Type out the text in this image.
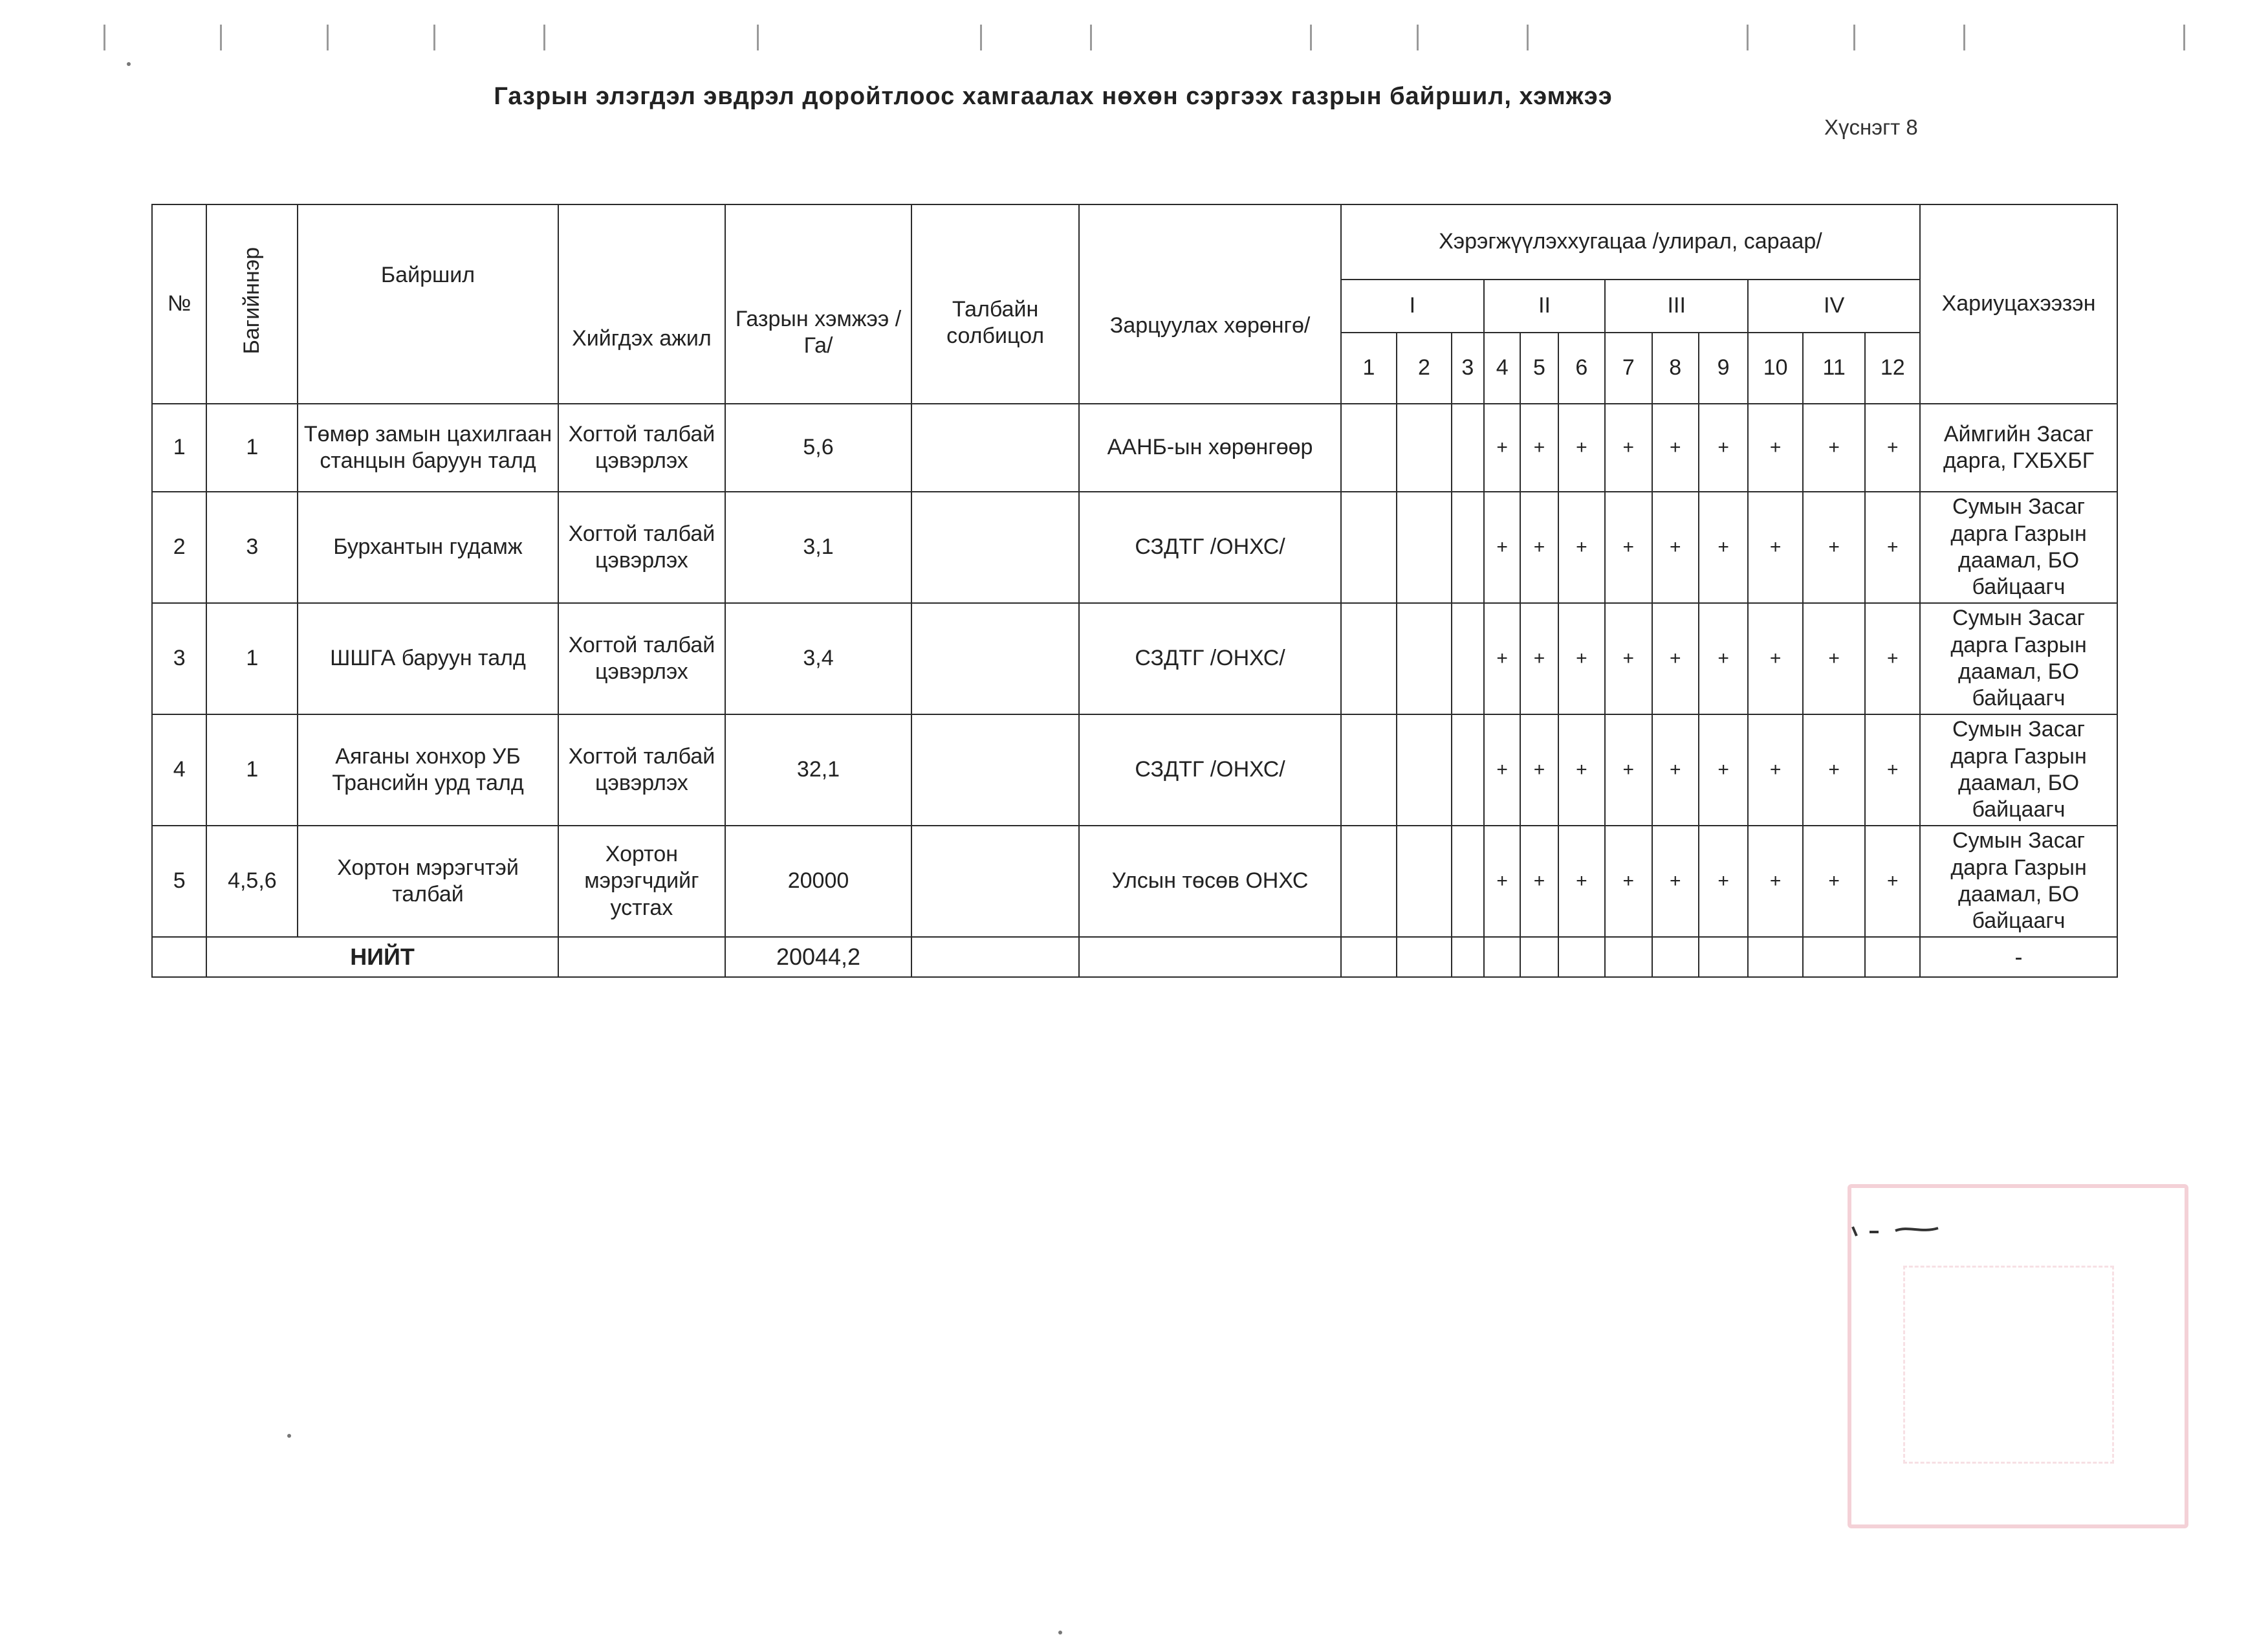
Газрын элэгдэл эвдрэл доройтлоос хамгаалах нөхөн сэргээх газрын байршил, хэмжээ
Хүснэгт 8
№	Багийннэр	Байршил	Хийгдэх ажил	Газрын хэмжээ /Га/	Талбайн солбицол	Зарцуулах хөрөнгө/	Хэрэгжүүлэххугацаа /улирал, сараар/												Хариуцахээзэн
							I			II			III			IV			
							1	2	3	4	5	6	7	8	9	10	11	12	
1	1	Төмөр замын цахилгаан станцын баруун талд	Хогтой талбай цэвэрлэх	5,6		ААНБ-ын хөрөнгөөр				+	+	+	+	+	+	+	+	+	Аймгийн Засаг дарга, ГХБХБГ
2	3	Бурхантын гудамж	Хогтой талбай цэвэрлэх	3,1		СЗДТГ /ОНХС/				+	+	+	+	+	+	+	+	+	Сумын Засаг дарга Газрын даамал, БО байцаагч
3	1	ШШГА баруун талд	Хогтой талбай цэвэрлэх	3,4		СЗДТГ /ОНХС/				+	+	+	+	+	+	+	+	+	Сумын Засаг дарга Газрын даамал, БО байцаагч
4	1	Аяганы хонхор УБ Трансийн урд талд	Хогтой талбай цэвэрлэх	32,1		СЗДТГ /ОНХС/				+	+	+	+	+	+	+	+	+	Сумын Засаг дарга Газрын даамал, БО байцаагч
5	4,5,6	Хортон мэрэгчтэй талбай	Хортон мэрэгчдийг устгах	20000		Улсын төсөв ОНХС				+	+	+	+	+	+	+	+	+	Сумын Засаг дарга Газрын даамал, БО байцаагч
	НИЙТ			20044,2															-
